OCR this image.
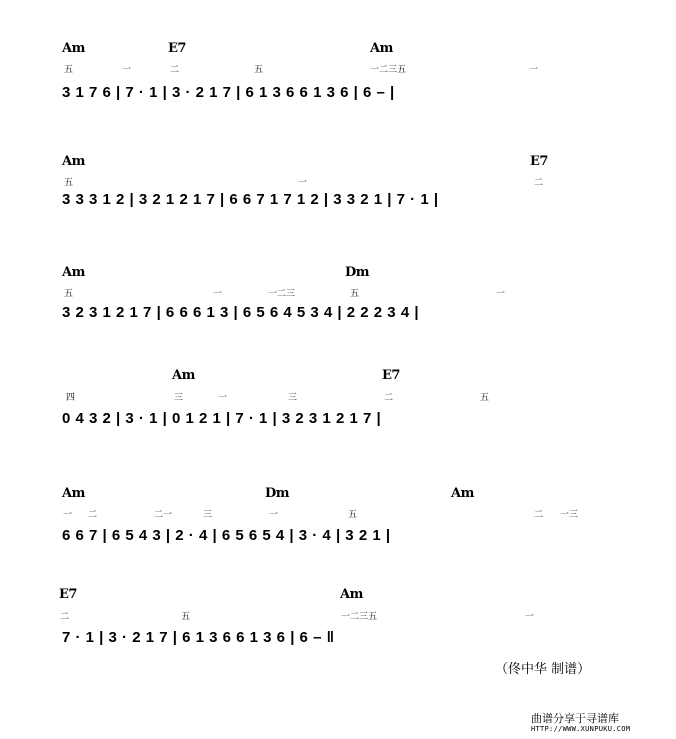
Am	E7	Am
五	一	二	五	一二三五	一
3 1 7 6 | 7 · 1 | 3 · 2 1 7 | 6 1 3 6 6 1 3 6 | 6 – |
Am	E7
五	一	二
3 3 3 1 2 | 3 2 1 2 1 7 | 6 6 7 1 7 1 2 | 3 3 2 1 | 7 · 1 |
Am	Dm
五	一	一二三	五	一
3 2 3 1 2 1 7 | 6 6 6 1 3 | 6 5 6 4 5 3 4 | 2 2 2 3 4 |
Am	E7
四	三	一	三	二	五
0 4 3 2 | 3 · 1 | 0 1 2 1 | 7 · 1 | 3 2 3 1 2 1 7 |
Am	Dm	Am
一 二	二一	三	一	五	二 一三
6 6 7 | 6 5 4 3 | 2 · 4 | 6 5 6 5 4 | 3 · 4 | 3 2 1 |
E7	Am
二	五	一二三五	一
7 · 1 | 3 · 2 1 7 | 6 1 3 6 6 1 3 6 | 6 – ‖
（佟中华 制谱）
曲谱分享于寻谱库
HTTP://WWW.XUNPUKU.COM
